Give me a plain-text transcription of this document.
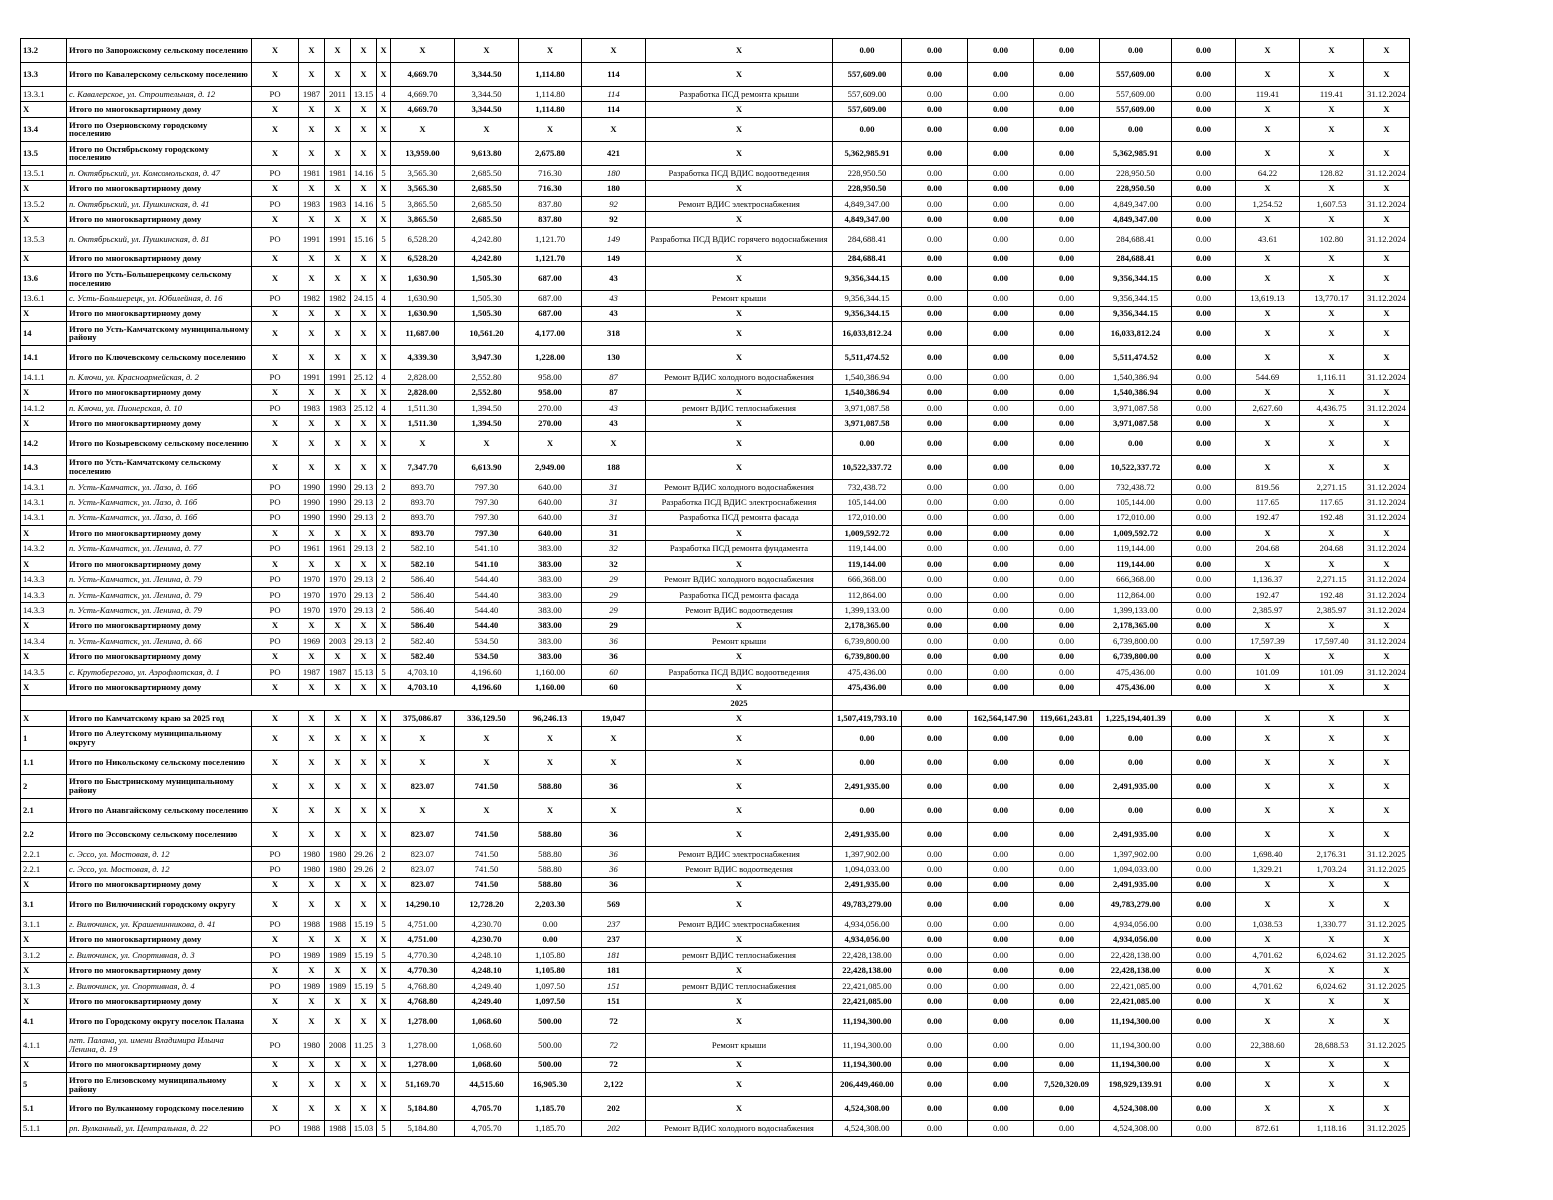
13.2	Итого по Запорожскому сельскому поселению	X	X	X	X	X	X	X	X	X	X	0.00	0.00	0.00	0.00	0.00	0.00	X	X	X
13.3	Итого по Кавалерскому сельскому поселению	X	X	X	X	X	4,669.70	3,344.50	1,114.80	114	X	557,609.00	0.00	0.00	0.00	557,609.00	0.00	X	X	X
13.3.1	с. Кавалерское, ул. Строительная, д. 12	РО	1987	2011	13.15	4	4,669.70	3,344.50	1,114.80	114	Разработка ПСД ремонта крыши	557,609.00	0.00	0.00	0.00	557,609.00	0.00	119.41	119.41	31.12.2024
X	Итого по многоквартирному дому	X	X	X	X	X	4,669.70	3,344.50	1,114.80	114	X	557,609.00	0.00	0.00	0.00	557,609.00	0.00	X	X	X
13.4	Итого по Озерновскому городскому поселению	X	X	X	X	X	X	X	X	X	X	0.00	0.00	0.00	0.00	0.00	0.00	X	X	X
13.5	Итого по Октябрьскому городскому поселению	X	X	X	X	X	13,959.00	9,613.80	2,675.80	421	X	5,362,985.91	0.00	0.00	0.00	5,362,985.91	0.00	X	X	X
13.5.1	п. Октябрьский, ул. Комсомольская, д. 47	РО	1981	1981	14.16	5	3,565.30	2,685.50	716.30	180	Разработка ПСД ВДИС водоотведения	228,950.50	0.00	0.00	0.00	228,950.50	0.00	64.22	128.82	31.12.2024
X	Итого по многоквартирному дому	X	X	X	X	X	3,565.30	2,685.50	716.30	180	X	228,950.50	0.00	0.00	0.00	228,950.50	0.00	X	X	X
13.5.2	п. Октябрьский, ул. Пушкинская, д. 41	РО	1983	1983	14.16	5	3,865.50	2,685.50	837.80	92	Ремонт ВДИС электроснабжения	4,849,347.00	0.00	0.00	0.00	4,849,347.00	0.00	1,254.52	1,607.53	31.12.2024
X	Итого по многоквартирному дому	X	X	X	X	X	3,865.50	2,685.50	837.80	92	X	4,849,347.00	0.00	0.00	0.00	4,849,347.00	0.00	X	X	X
13.5.3	п. Октябрьский, ул. Пушкинская, д. 81	РО	1991	1991	15.16	5	6,528.20	4,242.80	1,121.70	149	Разработка ПСД ВДИС горячего водоснабжения	284,688.41	0.00	0.00	0.00	284,688.41	0.00	43.61	102.80	31.12.2024
X	Итого по многоквартирному дому	X	X	X	X	X	6,528.20	4,242.80	1,121.70	149	X	284,688.41	0.00	0.00	0.00	284,688.41	0.00	X	X	X
13.6	Итого по Усть-Большерецкому сельскому поселению	X	X	X	X	X	1,630.90	1,505.30	687.00	43	X	9,356,344.15	0.00	0.00	0.00	9,356,344.15	0.00	X	X	X
13.6.1	с. Усть-Большерецк, ул. Юбилейная, д. 16	РО	1982	1982	24.15	4	1,630.90	1,505.30	687.00	43	Ремонт крыши	9,356,344.15	0.00	0.00	0.00	9,356,344.15	0.00	13,619.13	13,770.17	31.12.2024
X	Итого по многоквартирному дому	X	X	X	X	X	1,630.90	1,505.30	687.00	43	X	9,356,344.15	0.00	0.00	0.00	9,356,344.15	0.00	X	X	X
14	Итого по Усть-Камчатскому муниципальному району	X	X	X	X	X	11,687.00	10,561.20	4,177.00	318	X	16,033,812.24	0.00	0.00	0.00	16,033,812.24	0.00	X	X	X
14.1	Итого по Ключевскому сельскому поселению	X	X	X	X	X	4,339.30	3,947.30	1,228.00	130	X	5,511,474.52	0.00	0.00	0.00	5,511,474.52	0.00	X	X	X
14.1.1	п. Ключи, ул. Красноармейская, д. 2	РО	1991	1991	25.12	4	2,828.00	2,552.80	958.00	87	Ремонт ВДИС холодного водоснабжения	1,540,386.94	0.00	0.00	0.00	1,540,386.94	0.00	544.69	1,116.11	31.12.2024
X	Итого по многоквартирному дому	X	X	X	X	X	2,828.00	2,552.80	958.00	87	X	1,540,386.94	0.00	0.00	0.00	1,540,386.94	0.00	X	X	X
14.1.2	п. Ключи, ул. Пионерская, д. 10	РО	1983	1983	25.12	4	1,511.30	1,394.50	270.00	43	ремонт ВДИС теплоснабжения	3,971,087.58	0.00	0.00	0.00	3,971,087.58	0.00	2,627.60	4,436.75	31.12.2024
X	Итого по многоквартирному дому	X	X	X	X	X	1,511.30	1,394.50	270.00	43	X	3,971,087.58	0.00	0.00	0.00	3,971,087.58	0.00	X	X	X
14.2	Итого по Козыревскому сельскому поселению	X	X	X	X	X	X	X	X	X	X	0.00	0.00	0.00	0.00	0.00	0.00	X	X	X
14.3	Итого по Усть-Камчатскому сельскому поселению	X	X	X	X	X	7,347.70	6,613.90	2,949.00	188	X	10,522,337.72	0.00	0.00	0.00	10,522,337.72	0.00	X	X	X
14.3.1	п. Усть-Камчатск, ул. Лазо, д. 16б	РО	1990	1990	29.13	2	893.70	797.30	640.00	31	Ремонт ВДИС холодного водоснабжения	732,438.72	0.00	0.00	0.00	732,438.72	0.00	819.56	2,271.15	31.12.2024
14.3.1	п. Усть-Камчатск, ул. Лазо, д. 16б	РО	1990	1990	29.13	2	893.70	797.30	640.00	31	Разработка ПСД ВДИС электроснабжения	105,144.00	0.00	0.00	0.00	105,144.00	0.00	117.65	117.65	31.12.2024
14.3.1	п. Усть-Камчатск, ул. Лазо, д. 16б	РО	1990	1990	29.13	2	893.70	797.30	640.00	31	Разработка ПСД ремонта фасада	172,010.00	0.00	0.00	0.00	172,010.00	0.00	192.47	192.48	31.12.2024
X	Итого по многоквартирному дому	X	X	X	X	X	893.70	797.30	640.00	31	X	1,009,592.72	0.00	0.00	0.00	1,009,592.72	0.00	X	X	X
14.3.2	п. Усть-Камчатск, ул. Ленина, д. 77	РО	1961	1961	29.13	2	582.10	541.10	383.00	32	Разработка ПСД ремонта фундамента	119,144.00	0.00	0.00	0.00	119,144.00	0.00	204.68	204.68	31.12.2024
X	Итого по многоквартирному дому	X	X	X	X	X	582.10	541.10	383.00	32	X	119,144.00	0.00	0.00	0.00	119,144.00	0.00	X	X	X
14.3.3	п. Усть-Камчатск, ул. Ленина, д. 79	РО	1970	1970	29.13	2	586.40	544.40	383.00	29	Ремонт ВДИС холодного водоснабжения	666,368.00	0.00	0.00	0.00	666,368.00	0.00	1,136.37	2,271.15	31.12.2024
14.3.3	п. Усть-Камчатск, ул. Ленина, д. 79	РО	1970	1970	29.13	2	586.40	544.40	383.00	29	Разработка ПСД ремонта фасада	112,864.00	0.00	0.00	0.00	112,864.00	0.00	192.47	192.48	31.12.2024
14.3.3	п. Усть-Камчатск, ул. Ленина, д. 79	РО	1970	1970	29.13	2	586.40	544.40	383.00	29	Ремонт ВДИС водоотведения	1,399,133.00	0.00	0.00	0.00	1,399,133.00	0.00	2,385.97	2,385.97	31.12.2024
X	Итого по многоквартирному дому	X	X	X	X	X	586.40	544.40	383.00	29	X	2,178,365.00	0.00	0.00	0.00	2,178,365.00	0.00	X	X	X
14.3.4	п. Усть-Камчатск, ул. Ленина, д. 66	РО	1969	2003	29.13	2	582.40	534.50	383.00	36	Ремонт крыши	6,739,800.00	0.00	0.00	0.00	6,739,800.00	0.00	17,597.39	17,597.40	31.12.2024
X	Итого по многоквартирному дому	X	X	X	X	X	582.40	534.50	383.00	36	X	6,739,800.00	0.00	0.00	0.00	6,739,800.00	0.00	X	X	X
14.3.5	с. Крутоберегово, ул. Аэрофлотская, д. 1	РО	1987	1987	15.13	5	4,703.10	4,196.60	1,160.00	60	Разработка ПСД ВДИС водоотведения	475,436.00	0.00	0.00	0.00	475,436.00	0.00	101.09	101.09	31.12.2024
X	Итого по многоквартирному дому	X	X	X	X	X	4,703.10	4,196.60	1,160.00	60	X	475,436.00	0.00	0.00	0.00	475,436.00	0.00	X	X	X
											2025									
X	Итого по Камчатскому краю за 2025 год	X	X	X	X	X	375,086.87	336,129.50	96,246.13	19,047	X	1,507,419,793.10	0.00	162,564,147.90	119,661,243.81	1,225,194,401.39	0.00	X	X	X
1	Итого по Алеутскому муниципальному округу	X	X	X	X	X	X	X	X	X	X	0.00	0.00	0.00	0.00	0.00	0.00	X	X	X
1.1	Итого по Никольскому сельскому поселению	X	X	X	X	X	X	X	X	X	X	0.00	0.00	0.00	0.00	0.00	0.00	X	X	X
2	Итого по Быстринскому муниципальному району	X	X	X	X	X	823.07	741.50	588.80	36	X	2,491,935.00	0.00	0.00	0.00	2,491,935.00	0.00	X	X	X
2.1	Итого по Анавгайскому сельскому поселению	X	X	X	X	X	X	X	X	X	X	0.00	0.00	0.00	0.00	0.00	0.00	X	X	X
2.2	Итого по Эссовскому сельскому поселению	X	X	X	X	X	823.07	741.50	588.80	36	X	2,491,935.00	0.00	0.00	0.00	2,491,935.00	0.00	X	X	X
2.2.1	с. Эссо, ул. Мостовая, д. 12	РО	1980	1980	29.26	2	823.07	741.50	588.80	36	Ремонт ВДИС электроснабжения	1,397,902.00	0.00	0.00	0.00	1,397,902.00	0.00	1,698.40	2,176.31	31.12.2025
2.2.1	с. Эссо, ул. Мостовая, д. 12	РО	1980	1980	29.26	2	823.07	741.50	588.80	36	Ремонт ВДИС водоотведения	1,094,033.00	0.00	0.00	0.00	1,094,033.00	0.00	1,329.21	1,703.24	31.12.2025
X	Итого по многоквартирному дому	X	X	X	X	X	823.07	741.50	588.80	36	X	2,491,935.00	0.00	0.00	0.00	2,491,935.00	0.00	X	X	X
3.1	Итого по Вилючинский городскому округу	X	X	X	X	X	14,290.10	12,728.20	2,203.30	569	X	49,783,279.00	0.00	0.00	0.00	49,783,279.00	0.00	X	X	X
3.1.1	г. Вилючинск, ул. Крашенинникова, д. 41	РО	1988	1988	15.19	5	4,751.00	4,230.70	0.00	237	Ремонт ВДИС электроснабжения	4,934,056.00	0.00	0.00	0.00	4,934,056.00	0.00	1,038.53	1,330.77	31.12.2025
X	Итого по многоквартирному дому	X	X	X	X	X	4,751.00	4,230.70	0.00	237	X	4,934,056.00	0.00	0.00	0.00	4,934,056.00	0.00	X	X	X
3.1.2	г. Вилючинск, ул. Спортивная, д. 3	РО	1989	1989	15.19	5	4,770.30	4,248.10	1,105.80	181	ремонт ВДИС теплоснабжения	22,428,138.00	0.00	0.00	0.00	22,428,138.00	0.00	4,701.62	6,024.62	31.12.2025
X	Итого по многоквартирному дому	X	X	X	X	X	4,770.30	4,248.10	1,105.80	181	X	22,428,138.00	0.00	0.00	0.00	22,428,138.00	0.00	X	X	X
3.1.3	г. Вилючинск, ул. Спортивная, д. 4	РО	1989	1989	15.19	5	4,768.80	4,249.40	1,097.50	151	ремонт ВДИС теплоснабжения	22,421,085.00	0.00	0.00	0.00	22,421,085.00	0.00	4,701.62	6,024.62	31.12.2025
X	Итого по многоквартирному дому	X	X	X	X	X	4,768.80	4,249.40	1,097.50	151	X	22,421,085.00	0.00	0.00	0.00	22,421,085.00	0.00	X	X	X
4.1	Итого по Городскому округу поселок Палана	X	X	X	X	X	1,278.00	1,068.60	500.00	72	X	11,194,300.00	0.00	0.00	0.00	11,194,300.00	0.00	X	X	X
4.1.1	пгт. Палана, ул. имени Владимира Ильича Ленина, д. 19	РО	1980	2008	11.25	3	1,278.00	1,068.60	500.00	72	Ремонт крыши	11,194,300.00	0.00	0.00	0.00	11,194,300.00	0.00	22,388.60	28,688.53	31.12.2025
X	Итого по многоквартирному дому	X	X	X	X	X	1,278.00	1,068.60	500.00	72	X	11,194,300.00	0.00	0.00	0.00	11,194,300.00	0.00	X	X	X
5	Итого по Елизовскому муниципальному району	X	X	X	X	X	51,169.70	44,515.60	16,905.30	2,122	X	206,449,460.00	0.00	0.00	7,520,320.09	198,929,139.91	0.00	X	X	X
5.1	Итого по Вулканному городскому поселению	X	X	X	X	X	5,184.80	4,705.70	1,185.70	202	X	4,524,308.00	0.00	0.00	0.00	4,524,308.00	0.00	X	X	X
5.1.1	рп. Вулканный, ул. Центральная, д. 22	РО	1988	1988	15.03	5	5,184.80	4,705.70	1,185.70	202	Ремонт ВДИС холодного водоснабжения	4,524,308.00	0.00	0.00	0.00	4,524,308.00	0.00	872.61	1,118.16	31.12.2025
